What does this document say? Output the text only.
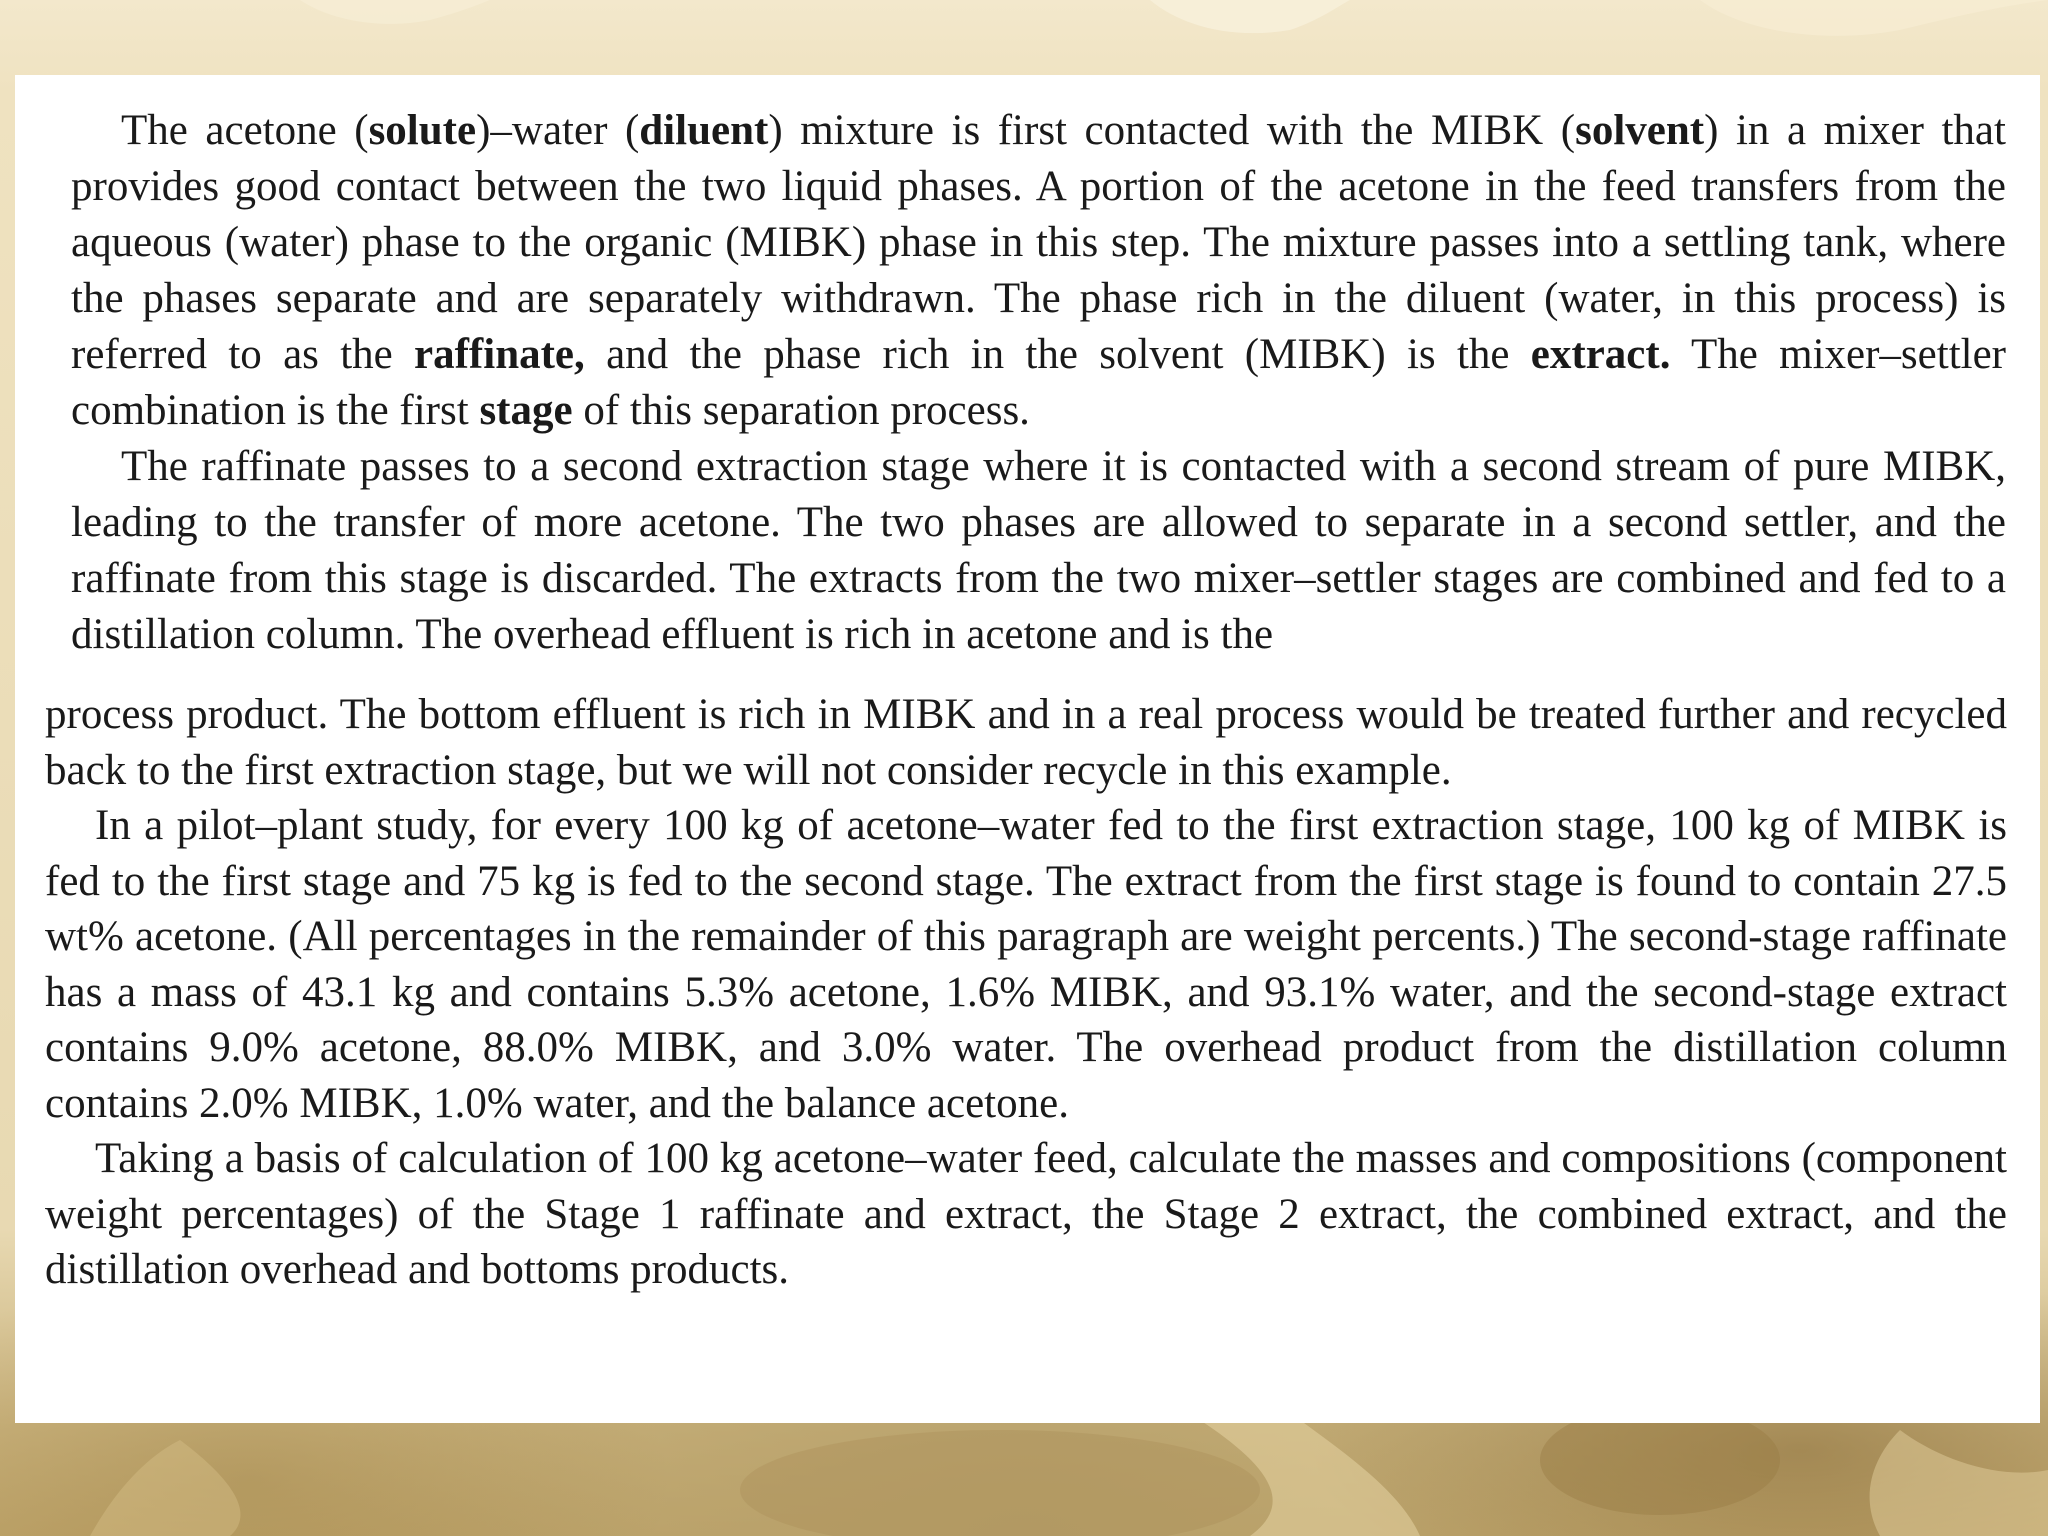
The acetone (solute)–water (diluent) mixture is first contacted with the MIBK (solvent) in a mixer that provides good contact between the two liquid phases. A portion of the acetone in the feed transfers from the aqueous (water) phase to the organic (MIBK) phase in this step. The mixture passes into a settling tank, where the phases separate and are separately withdrawn. The phase rich in the diluent (water, in this process) is referred to as the raffinate, and the phase rich in the solvent (MIBK) is the extract. The mixer–settler combination is the first stage of this separation process.

The raffinate passes to a second extraction stage where it is contacted with a second stream of pure MIBK, leading to the transfer of more acetone. The two phases are allowed to separate in a second settler, and the raffinate from this stage is discarded. The extracts from the two mixer–settler stages are combined and fed to a distillation column. The overhead effluent is rich in acetone and is the

process product. The bottom effluent is rich in MIBK and in a real process would be treated further and recycled back to the first extraction stage, but we will not consider recycle in this example.

In a pilot–plant study, for every 100 kg of acetone–water fed to the first extraction stage, 100 kg of MIBK is fed to the first stage and 75 kg is fed to the second stage. The extract from the first stage is found to contain 27.5 wt% acetone. (All percentages in the remainder of this paragraph are weight percents.) The second-stage raffinate has a mass of 43.1 kg and contains 5.3% acetone, 1.6% MIBK, and 93.1% water, and the second-stage extract contains 9.0% acetone, 88.0% MIBK, and 3.0% water. The overhead product from the distillation column contains 2.0% MIBK, 1.0% water, and the balance acetone.

Taking a basis of calculation of 100 kg acetone–water feed, calculate the masses and compositions (component weight percentages) of the Stage 1 raffinate and extract, the Stage 2 extract, the combined extract, and the distillation overhead and bottoms products.
